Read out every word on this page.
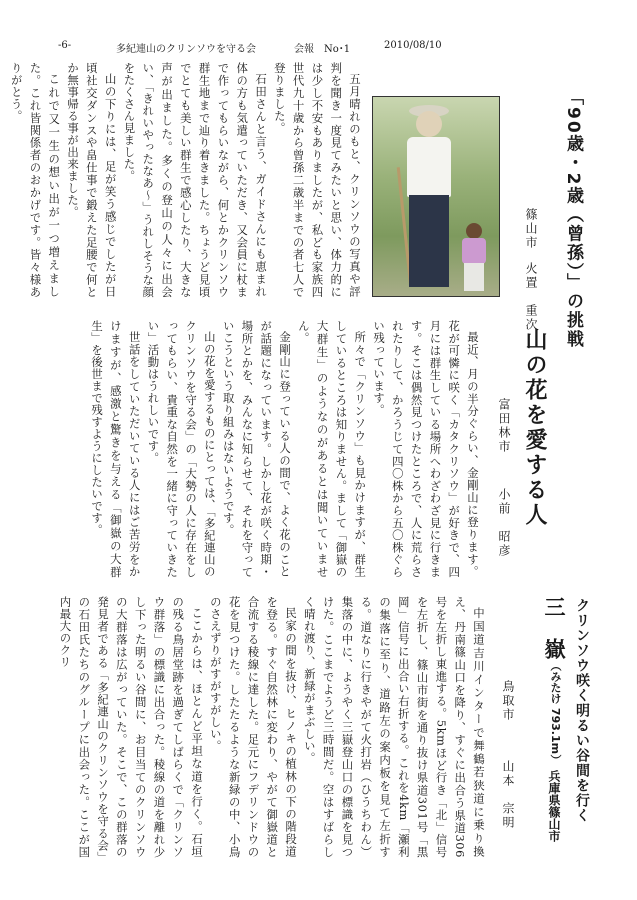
-6-	多紀連山のクリンソウを守る会	会報 No･1	2010/08/10
「90歳・2歳（曾孫）」の挑戦
篠山市
火置　重次

五月晴れのもと、クリンソウの写真や評判を聞き一度見てみたいと思い、体力的には少し不安もありましたが、私ども家族四世代九十歳から曾孫二歳半までの者七人で登りました。

石田さんと言う、ガイドさんにも恵まれ体の方も気遣っていただき、又会員に杖まで作ってもらいながら、何とかクリンソウ群生地まで辿り着きました。ちょうど見頃でとても美しい群生で感心したり、大きな声が出ました。多くの登山の人々に出会い、「きれいやったなあ〜」うれしそうな顔をたくさん見ました。

山の下りには、足が笑う感じでしたが日頃社交ダンスや畠仕事で鍛えた足腰で何とか無事帰る事が出来ました。

これで又一生の想い出が一つ増えました。これ皆関係者のおかげです。皆々様ありがとう。

山の花を愛する人
富田林市
小前　昭彦

最近、月の半分ぐらい、金剛山に登ります。花が可憐に咲く「カタクリソウ」が好きで、四月には群生している場所へわざわざ見に行きます。そこは偶然見つけたところで、人に荒らされたりして、かろうじて四〇株から五〇株ぐらい残っています。

所々で「クリンソウ」も見かけますが、群生しているところは知りません。まして「御嶽の大群生」のようなのがあるとは聞いていません。

金剛山に登っている人の間で、よく花のことが話題になっています。しかし花が咲く時期・場所とかを、みんなに知らせて、それを守っていこうという取り組みはないようです。

山の花を愛するものにとっては、「多紀連山のクリンソウを守る会」の「大勢の人に存在をしってもらい、貴重な自然を一緒に守っていきたい」活動はうれしいです。

世話をしていただいている人にはご苦労をかけますが、感激と驚きを与える「御嶽の大群生」を後世まで残すようにしたいです。

クリンソウ咲く明るい谷間を行く
三　嶽
（みたけ 793.1m）
兵庫県篠山市
鳥取市
山本　宗明

中国道吉川インターで舞鶴若狭道に乗り換え、丹南篠山口を降り、すぐに出合う県道306号を左折し東進する。5kmほど行き「北」信号を左折し、篠山市街を通り抜け県道301号「黒岡」信号に出合い右折する。これを4km「瀬利の集落に至り、道路左の案内板を見て左折する。道なりに行きやがて火打岩（ひうちわん）集落の中に、ようやく三嶽登山口の標識を見つけた。ここまでようど三時間だ。空はすばらしく晴れ渡り、新緑がまぶしい。

民家の間を抜け、ヒノキの植林の下の階段道を登る。すぐ自然林に変わり、やがて御嶽道と合流する稜線に達した。足元にフデリンドウの花を見つけた。したたるような新緑の中、小鳥のさえずりがすがすがしい。

ここからは、ほとんど平坦な道を行く。石垣の残る鳥居堂跡を過ぎてしばらくで「クリンソウ群落」の標識に出合った。稜線の道を離れ少し下った明るい谷間に、お目当てのクリンソウの大群落は広がっていた。そこで、この群落の発見者である「多紀連山のクリンソウを守る会」の石田氏たちのグループに出会った。ここが国内最大のクリ
